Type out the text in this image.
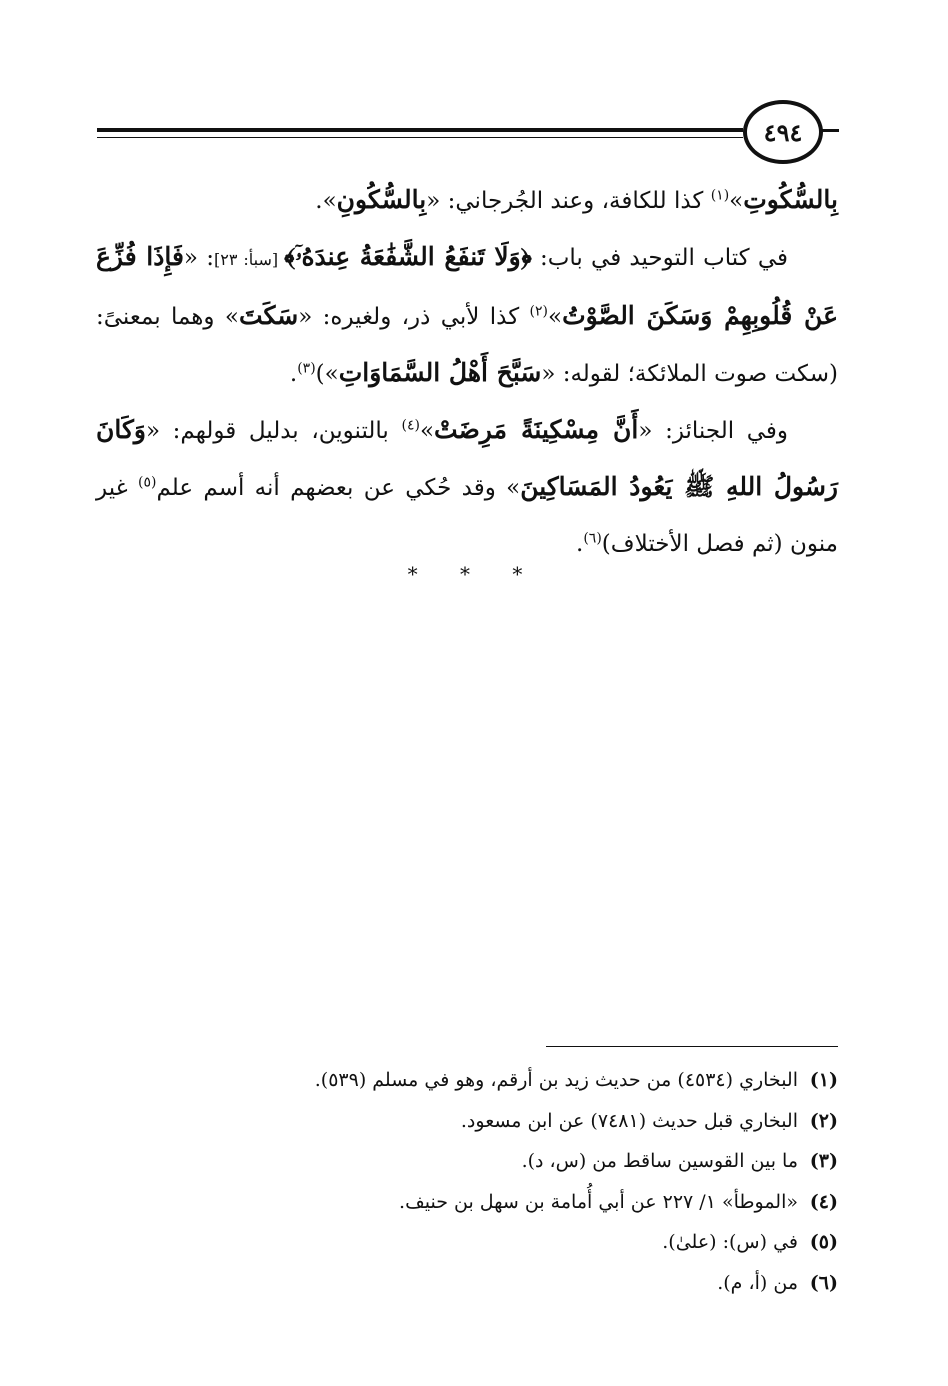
٤٩٤

بِالسُّكُوتِ»$^{(١)}$ كذا للكافة، وعند الجُرجاني: «بِالسُّكُونِ».

في كتاب التوحيد في باب: ﴿وَلَا تَنفَعُ الشَّفَٰعَةُ عِندَهُۥٓ﴾ [سبأ: ٢٣]: «فَإِذَا فُزِّعَ عَنْ قُلُوبِهِمْ وَسَكَنَ الصَّوْتُ»$^{(٢)}$ كذا لأبي ذر، ولغيره: «سَكَتَ» وهما بمعنىً: (سكت صوت الملائكة؛ لقوله: «سَبَّحَ أَهْلُ السَّمَاوَاتِ»)$^{(٣)}$.

وفي الجنائز: «أَنَّ مِسْكِينَةً مَرِضَتْ»$^{(٤)}$ بالتنوين، بدليل قولهم: «وَكَانَ رَسُولُ اللهِ ﷺ يَعُودُ المَسَاكِينَ» وقد حُكي عن بعضهم أنه أسم علم$^{(٥)}$ غير منون (ثم فصل الأختلاف)$^{(٦)}$.

* * *
(١)
البخاري (٤٥٣٤) من حديث زيد بن أرقم، وهو في مسلم (٥٣٩).
(٢)
البخاري قبل حديث (٧٤٨١) عن ابن مسعود.
(٣)
ما بين القوسين ساقط من (س، د).
(٤)
«الموطأ» ١/ ٢٢٧ عن أبي أُمامة بن سهل بن حنيف.
(٥)
في (س): (علىٰ).
(٦)
من (أ، م).
